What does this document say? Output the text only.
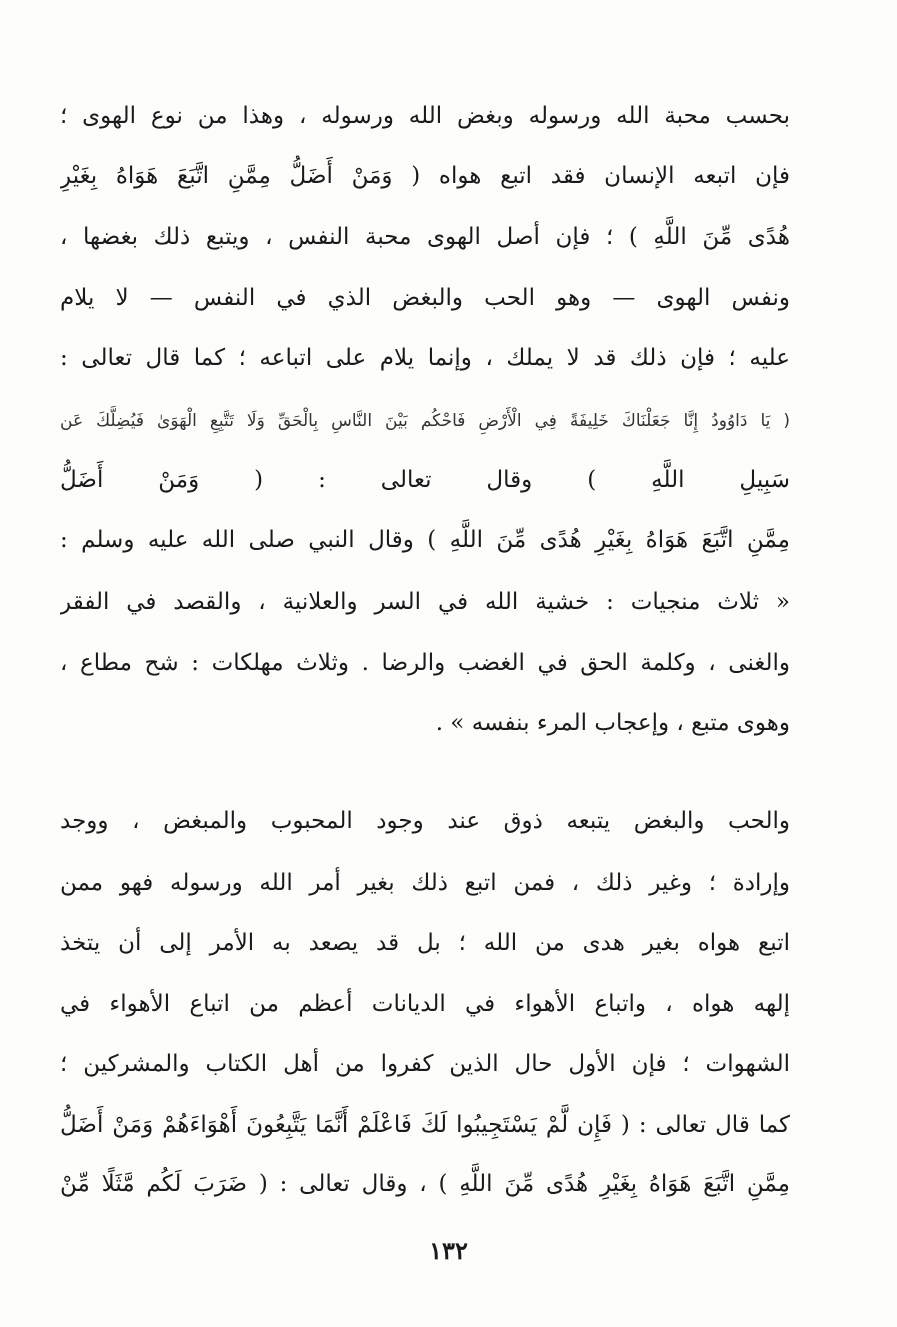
بحسب محبة الله ورسوله وبغض الله ورسوله ، وهذا من نوع الهوى ؛
فإن اتبعه الإنسان فقد اتبع هواه ( وَمَنْ أَضَلُّ مِمَّنِ اتَّبَعَ هَوَاهُ بِغَيْرِ
هُدًى مِّنَ اللَّهِ ) ؛ فإن أصل الهوى محبة النفس ، ويتبع ذلك بغضها ،
ونفس الهوى — وهو الحب والبغض الذي في النفس — لا يلام
عليه ؛ فإن ذلك قد لا يملك ، وإنما يلام على اتباعه ؛ كما قال تعالى :
( يَا دَاوُودُ إِنَّا جَعَلْنَاكَ خَلِيفَةً فِي الْأَرْضِ فَاحْكُم بَيْنَ النَّاسِ بِالْحَقِّ وَلَا تَتَّبِعِ الْهَوَىٰ فَيُضِلَّكَ عَن
سَبِيلِ اللَّهِ ) وقال تعالى : ( وَمَنْ أَضَلُّ
مِمَّنِ اتَّبَعَ هَوَاهُ بِغَيْرِ هُدًى مِّنَ اللَّهِ ) وقال النبي صلى الله عليه وسلم :
« ثلاث منجيات : خشية الله في السر والعلانية ، والقصد في الفقر
والغنى ، وكلمة الحق في الغضب والرضا . وثلاث مهلكات : شح مطاع ،
وهوى متبع ، وإعجاب المرء بنفسه » .
والحب والبغض يتبعه ذوق عند وجود المحبوب والمبغض ، ووجد
وإرادة ؛ وغير ذلك ، فمن اتبع ذلك بغير أمر الله ورسوله فهو ممن
اتبع هواه بغير هدى من الله ؛ بل قد يصعد به الأمر إلى أن يتخذ
إلهه هواه ، واتباع الأهواء في الديانات أعظم من اتباع الأهواء في
الشهوات ؛ فإن الأول حال الذين كفروا من أهل الكتاب والمشركين ؛
كما قال تعالى : ( فَإِن لَّمْ يَسْتَجِيبُوا لَكَ فَاعْلَمْ أَنَّمَا يَتَّبِعُونَ أَهْوَاءَهُمْ وَمَنْ أَضَلُّ
مِمَّنِ اتَّبَعَ هَوَاهُ بِغَيْرِ هُدًى مِّنَ اللَّهِ ) ، وقال تعالى : ( ضَرَبَ لَكُم مَّثَلًا مِّنْ
١٣٢
